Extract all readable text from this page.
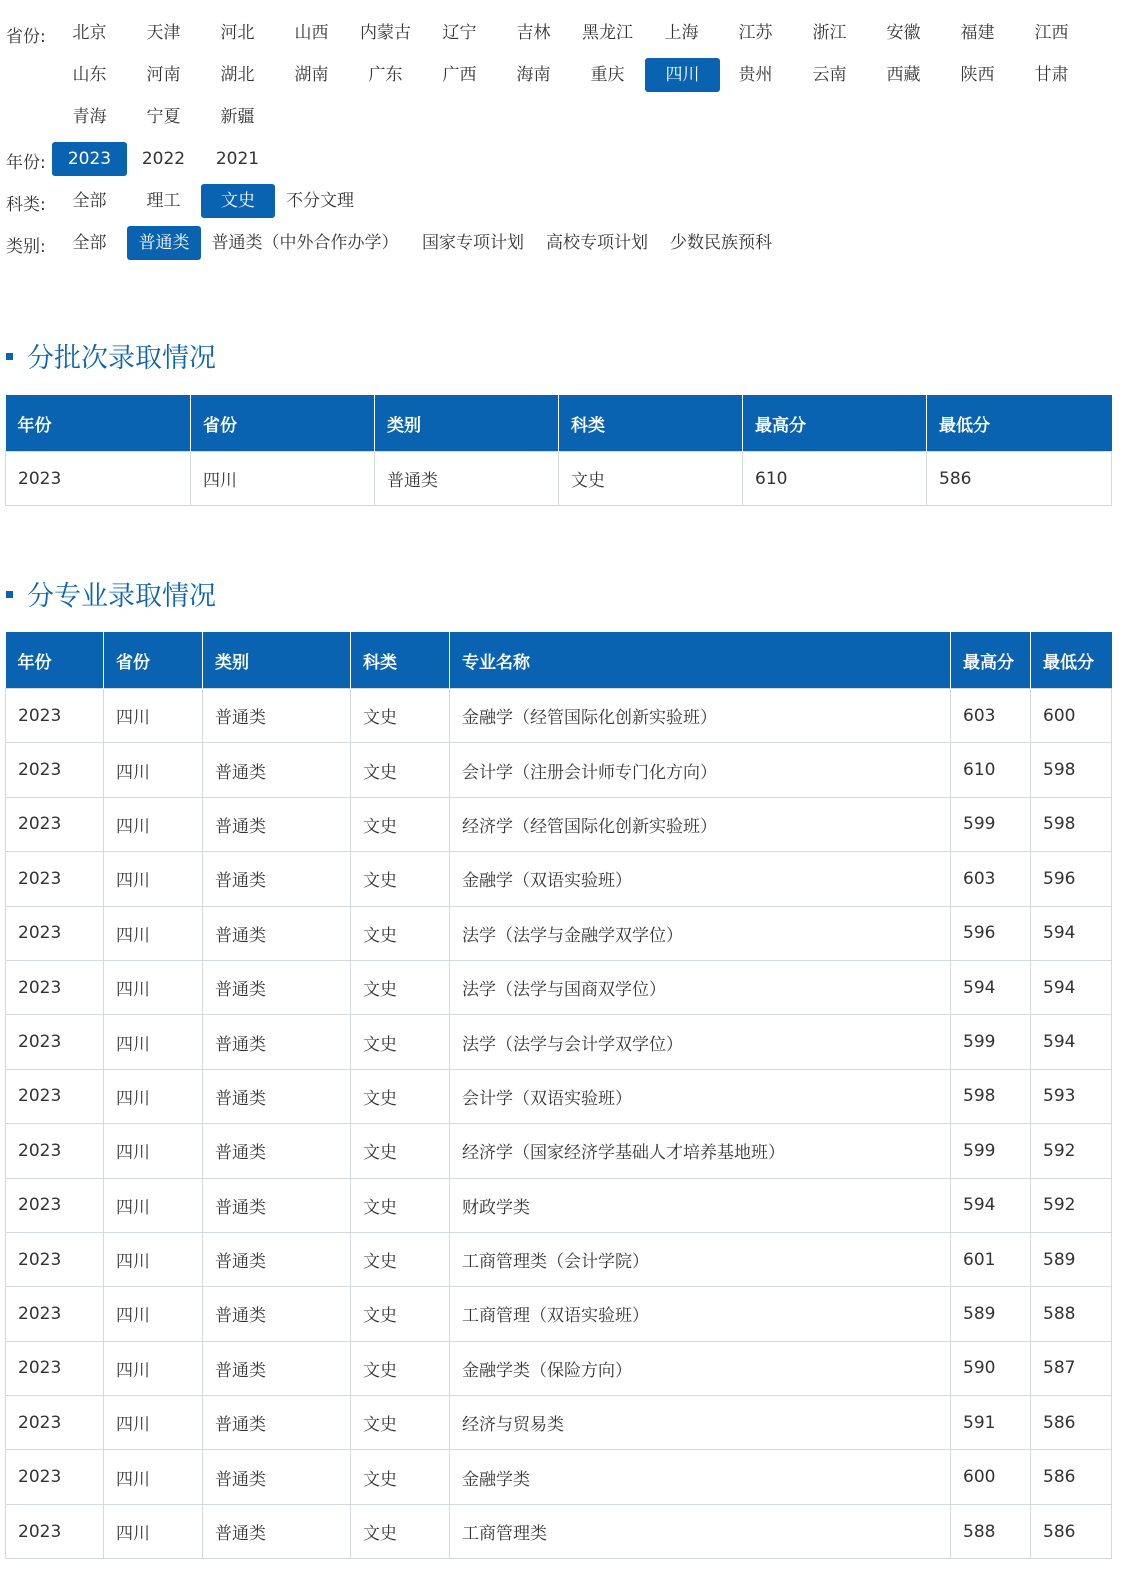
省份:	北京	天津	河北	山西	内蒙古	辽宁	吉林	黑龙江	上海	江苏	浙江	安徽	福建	江西
山东	河南	湖北	湖南	广东	广西	海南	重庆	四川	贵州	云南	西藏	陕西	甘肃
青海	宁夏	新疆
年份:	2023	2022	2021
科类:	全部	理工	文史	不分文理
类别:	全部	普通类	普通类（中外合作办学）	国家专项计划	高校专项计划	少数民族预科
分批次录取情况
年份	省份	类别	科类	最高分	最低分
2023	四川	普通类	文史	610	586
分专业录取情况
年份	省份	类别	科类	专业名称	最高分	最低分
2023	四川	普通类	文史	金融学（经管国际化创新实验班）	603	600
2023	四川	普通类	文史	会计学（注册会计师专门化方向）	610	598
2023	四川	普通类	文史	经济学（经管国际化创新实验班）	599	598
2023	四川	普通类	文史	金融学（双语实验班）	603	596
2023	四川	普通类	文史	法学（法学与金融学双学位）	596	594
2023	四川	普通类	文史	法学（法学与国商双学位）	594	594
2023	四川	普通类	文史	法学（法学与会计学双学位）	599	594
2023	四川	普通类	文史	会计学（双语实验班）	598	593
2023	四川	普通类	文史	经济学（国家经济学基础人才培养基地班）	599	592
2023	四川	普通类	文史	财政学类	594	592
2023	四川	普通类	文史	工商管理类（会计学院）	601	589
2023	四川	普通类	文史	工商管理（双语实验班）	589	588
2023	四川	普通类	文史	金融学类（保险方向）	590	587
2023	四川	普通类	文史	经济与贸易类	591	586
2023	四川	普通类	文史	金融学类	600	586
2023	四川	普通类	文史	工商管理类	588	586
